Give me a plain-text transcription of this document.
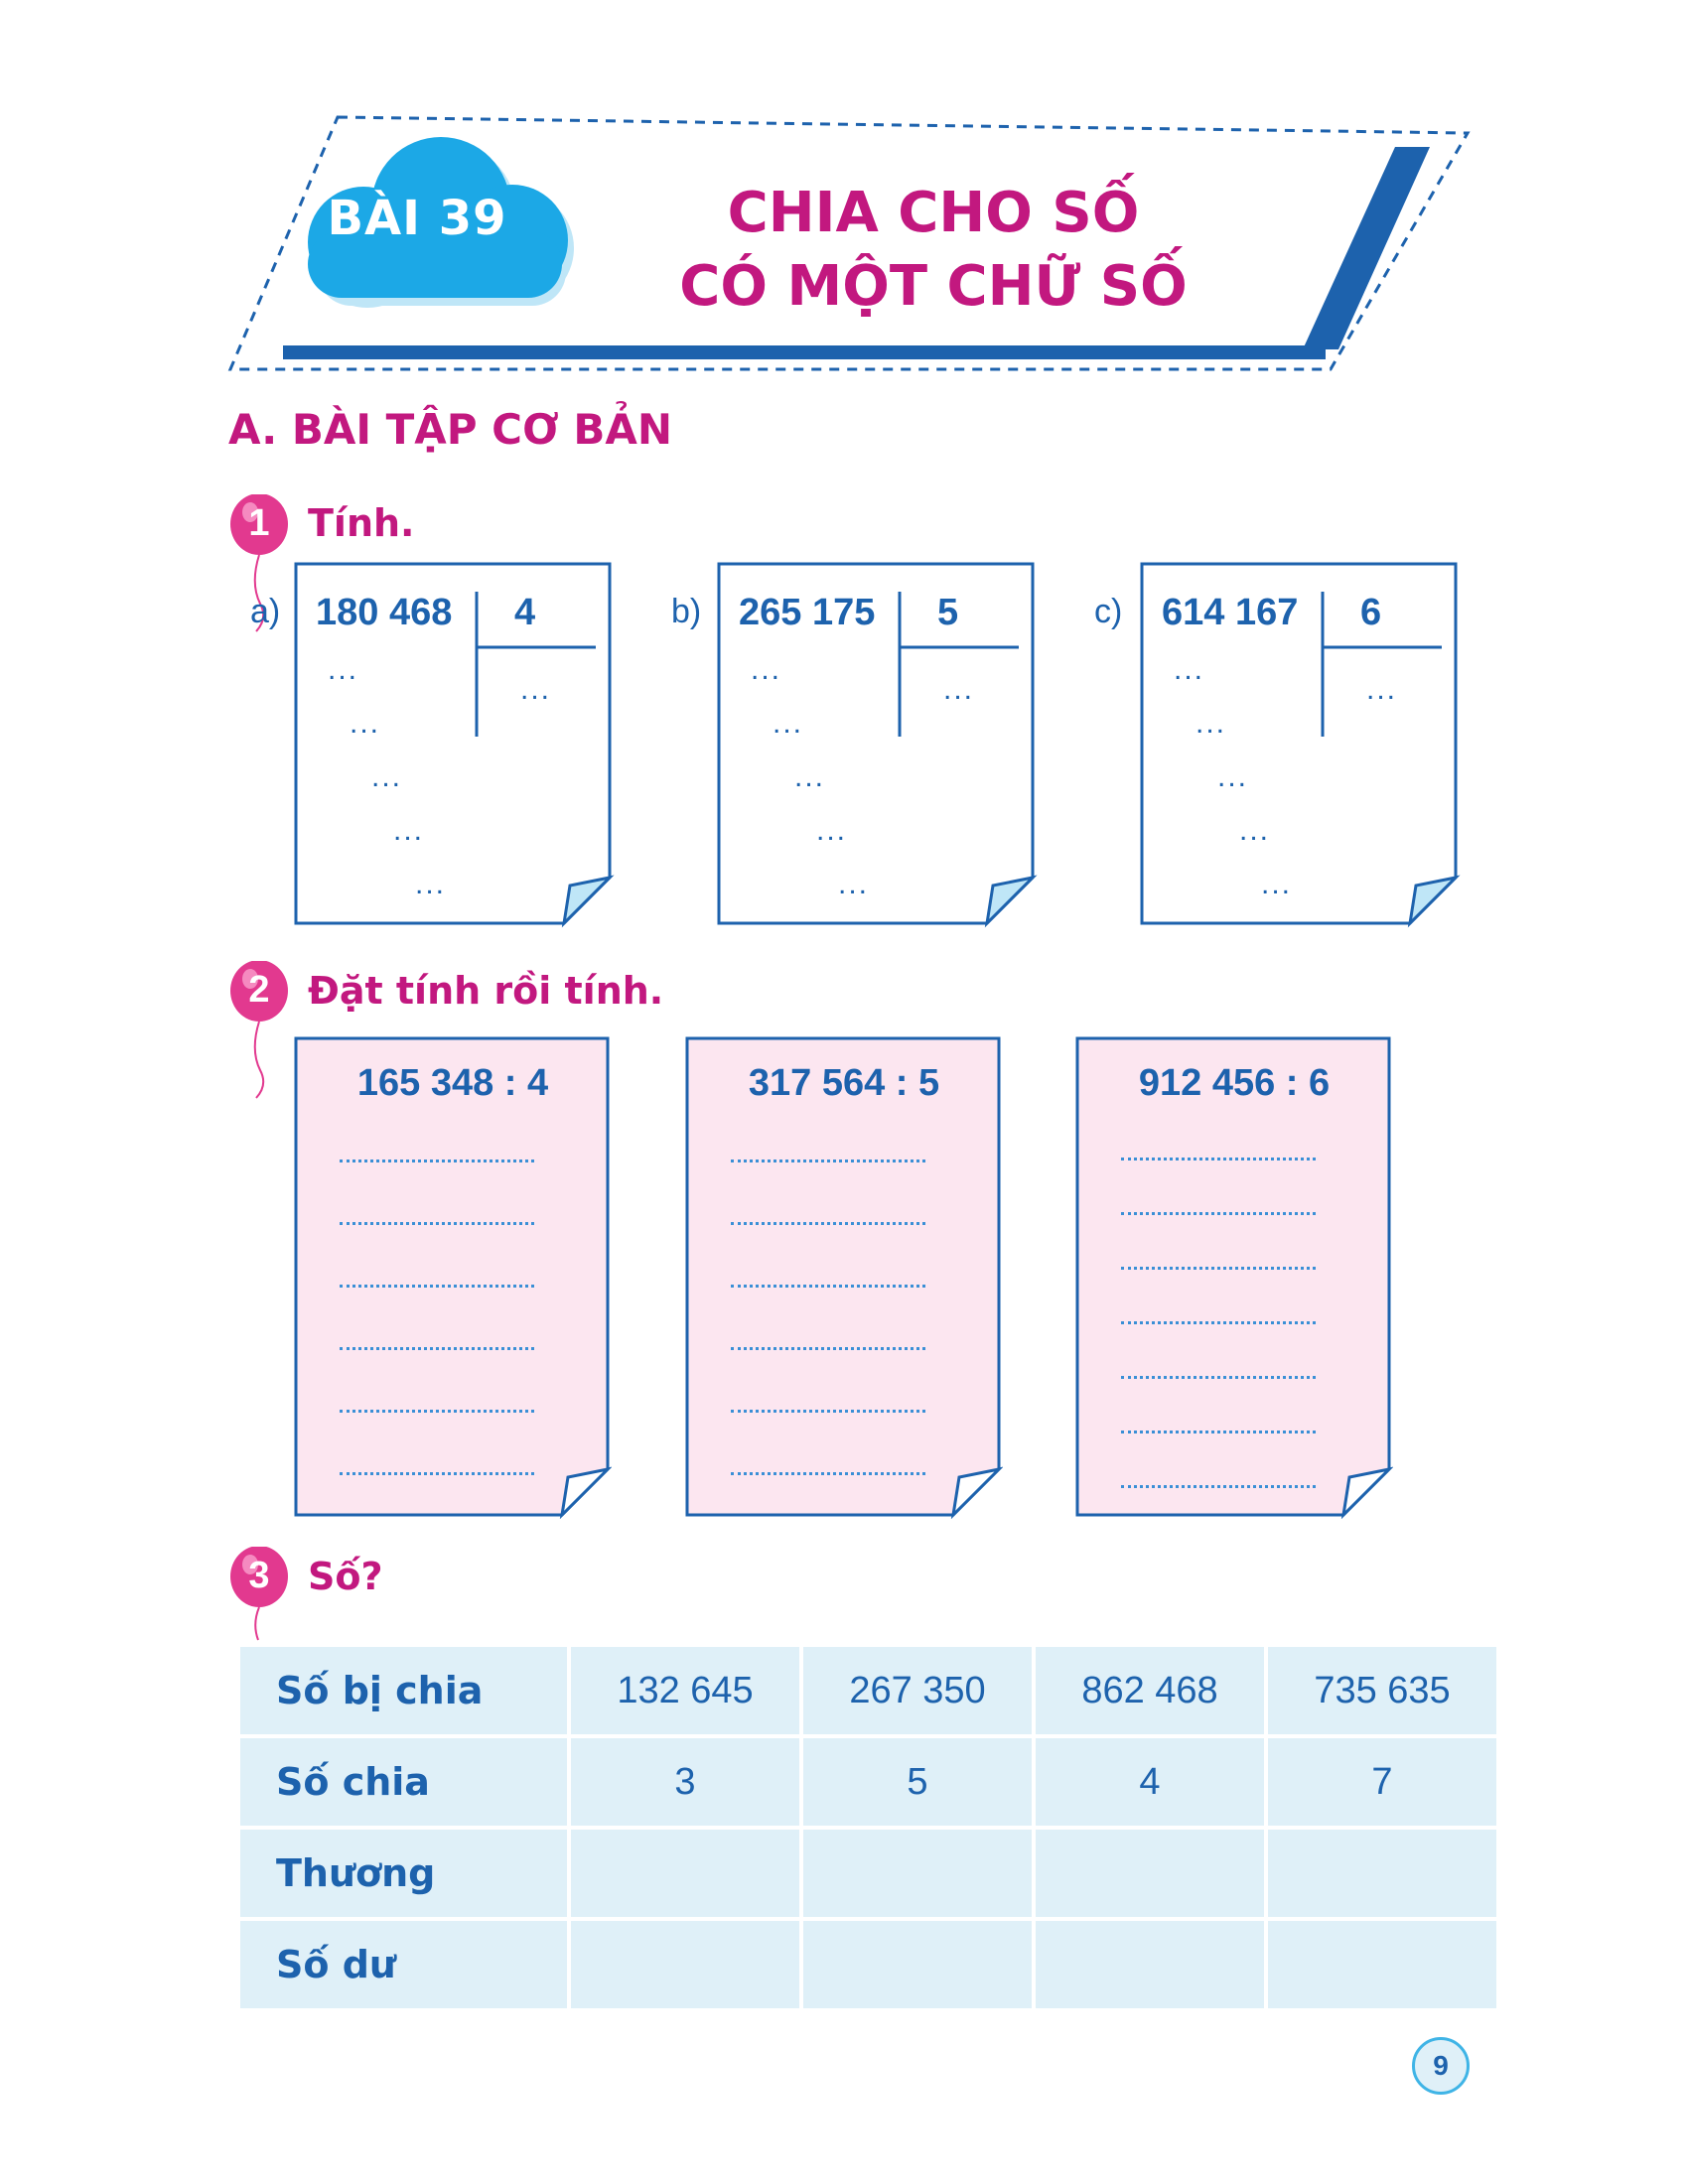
BÀI 39	CHIA CHO SỐ
CÓ MỘT CHỮ SỐ
A. BÀI TẬP CƠ BẢN
1	Tính.
180 468 4
...
...
...
...
...
...
a)	265 175 5
...
...
...
...
...
...
b)	614 167 6
...
...
...
...
...
...
c)
2	Đặt tính rồi tính.
165 348 : 4	317 564 : 5	912 456 : 6
3	Số?
Số bị chia	132 645	267 350	862 468	735 635
Số chia	3	5	4	7
Thương				
Số dư				
9
